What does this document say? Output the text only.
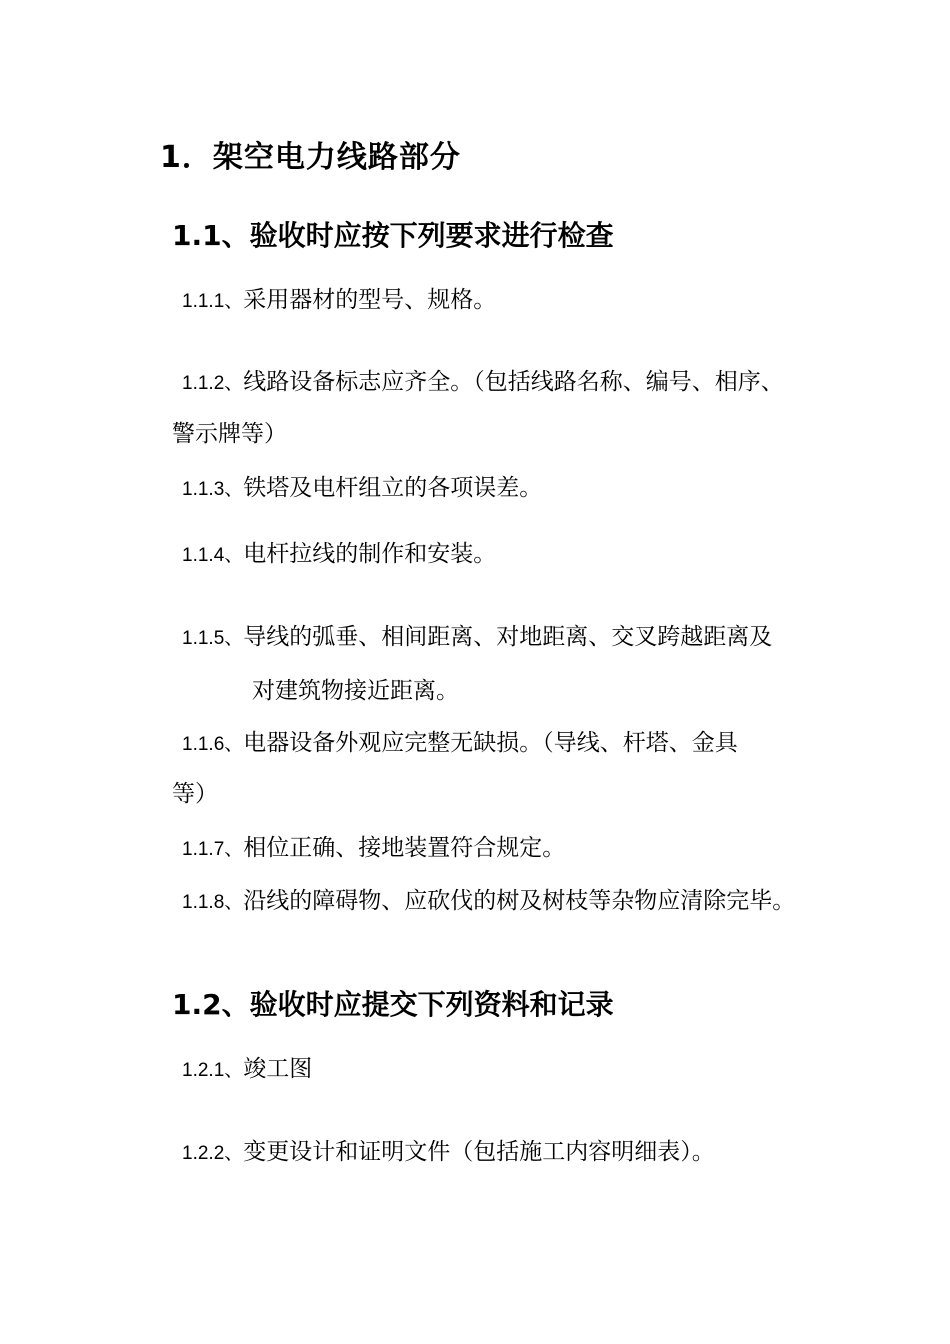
1．架空电力线路部分
1.1、验收时应按下列要求进行检查
1.1.1、采用器材的型号、规格。
1.1.2、线路设备标志应齐全。（包括线路名称、编号、相序、
警示牌等）
1.1.3、铁塔及电杆组立的各项误差。
1.1.4、电杆拉线的制作和安装。
1.1.5、导线的弧垂、相间距离、对地距离、交叉跨越距离及
对建筑物接近距离。
1.1.6、电器设备外观应完整无缺损。（导线、杆塔、金具
等）
1.1.7、相位正确、接地装置符合规定。
1.1.8、沿线的障碍物、应砍伐的树及树枝等杂物应清除完毕。
1.2、验收时应提交下列资料和记录
1.2.1、竣工图
1.2.2、变更设计和证明文件（包括施工内容明细表）。
